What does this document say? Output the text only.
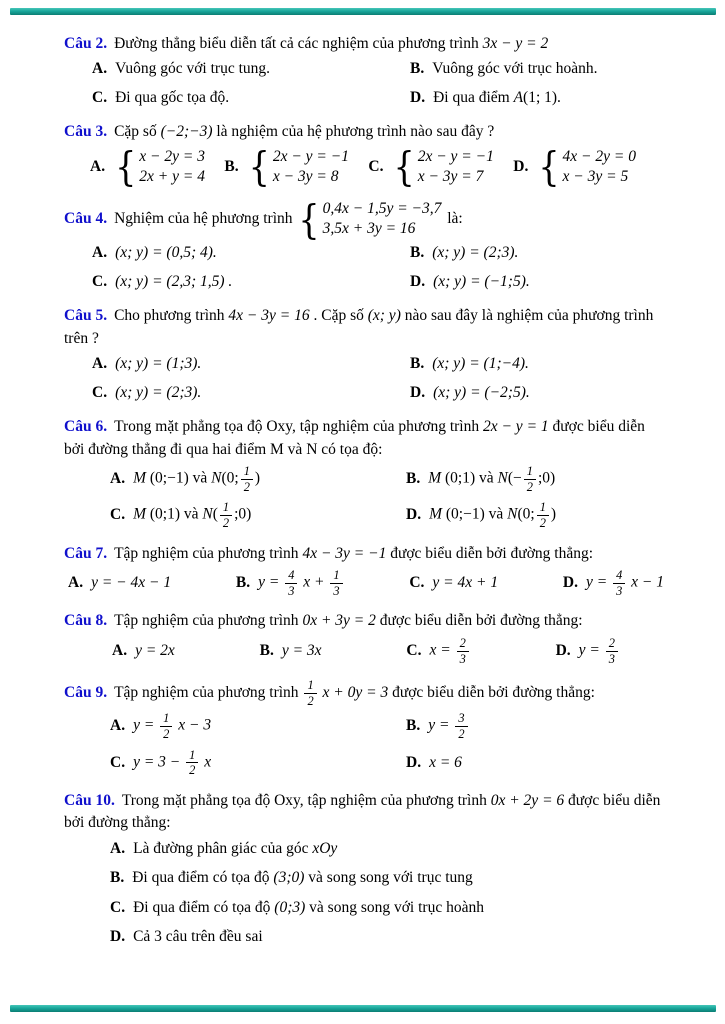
Câu 2. Đường thẳng biểu diễn tất cả các nghiệm của phương trình 3x − y = 2
A. Vuông góc với trục tung.	B. Vuông góc với trục hoành.
C. Đi qua gốc tọa độ.	D. Đi qua điểm A(1; 1).
Câu 3. Cặp số (−2;−3) là nghiệm của hệ phương trình nào sau đây ?
A. { x − 2y = 3
2x + y = 4
B. { 2x − y = −1
x − 3y = 8
C. { 2x − y = −1
x − 3y = 7
D. { 4x − 2y = 0
x − 3y = 5
Câu 4. Nghiệm của hệ phương trình { 0,4x − 1,5y = −3,7
3,5x + 3y = 16
là:
A. (x; y) = (0,5; 4).	B. (x; y) = (2;3).
C. (x; y) = (2,3; 1,5) .	D. (x; y) = (−1;5).
Câu 5. Cho phương trình 4x − 3y = 16 . Cặp số (x; y) nào sau đây là nghiệm của phương trình trên ?
A. (x; y) = (1;3).	B. (x; y) = (1;−4).
C. (x; y) = (2;3).	D. (x; y) = (−2;5).
Câu 6. Trong mặt phẳng tọa độ Oxy, tập nghiệm của phương trình 2x − y = 1 được biểu diễn bởi đường thẳng đi qua hai điểm M và N có tọa độ:
A. M (0;−1) và N(0; $\frac{1}{2}$ )	B. M (0;1) và $N(- \frac{1}{2}$ ;0)
C. M (0;1) và $N( \frac{1}{2}$ ;0)	D. M (0;−1) và N(0; $\frac{1}{2}$ )
Câu 7. Tập nghiệm của phương trình 4x − 3y = −1 được biểu diễn bởi đường thẳng:
A. y = − 4x − 1	B. $y = \frac{4}{3}$ $x + \frac{1}{3}$	C. y = 4x + 1	D. $y = \frac{4}{3}$ x − 1
Câu 8. Tập nghiệm của phương trình 0x + 3y = 2 được biểu diễn bởi đường thẳng:
A. y = 2x	B. y = 3x	C. $x = \frac{2}{3}$	D. $y = \frac{2}{3}$
Câu 9. Tập nghiệm của phương trình $\frac{1}{2}$ x + 0y = 3 được biểu diễn bởi đường thẳng:
A. $y = \frac{1}{2}$ x − 3	B. $y = \frac{3}{2}$
C. $y = 3 - \frac{1}{2}$ x	D. x = 6
Câu 10. Trong mặt phẳng tọa độ Oxy, tập nghiệm của phương trình 0x + 2y = 6 được biểu diễn bởi đường thẳng:
A. Là đường phân giác của góc xOy
B. Đi qua điểm có tọa độ (3;0) và song song với trục tung
C. Đi qua điểm có tọa độ (0;3) và song song với trục hoành
D. Cả 3 câu trên đều sai
